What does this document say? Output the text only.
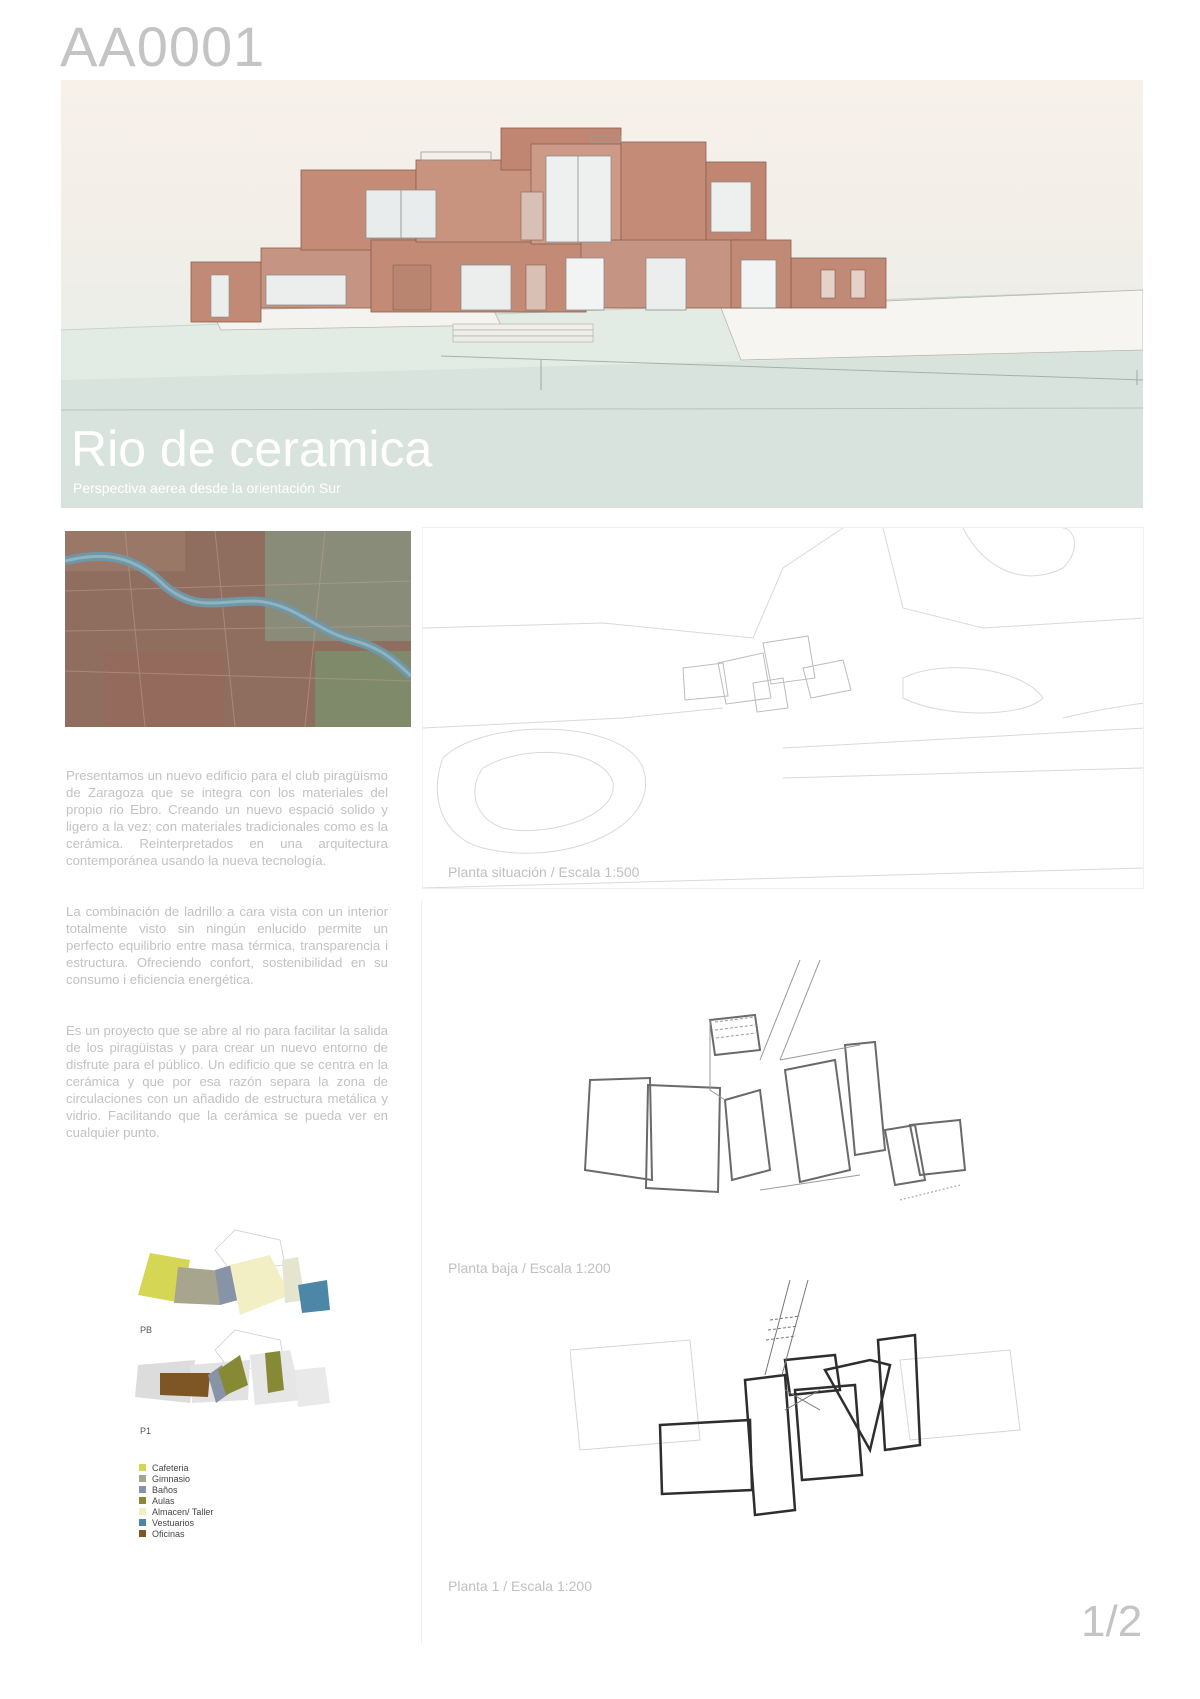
AA0001
Rio de ceramica
Perspectiva aerea desde la orientación Sur
Planta situación / Escala 1:500

Presentamos un nuevo edificio para el club piragüismo de Zaragoza que se integra con los materiales del propio rio Ebro. Creando un nuevo espació solido y ligero a la vez; con materiales tradicionales como es la cerámica. Reinterpretados en una arquitectura contemporánea usando la nueva tecnología.

La combinación de ladrillo a cara vista con un interior totalmente visto sin ningún enlucido permite un perfecto equilibrio entre masa térmica, transparencia i estructura. Ofreciendo confort, sostenibilidad en su consumo i eficiencia energética.

Es un proyecto que se abre al rio para facilitar la salida de los piragüistas y para crear un nuevo entorno de disfrute para el público. Un edificio que se centra en la cerámica y que por esa razón separa la zona de circulaciones con un añadido de estructura metálica y vidrio. Facilitando que la cerámica se pueda ver en cualquier punto.

PB
P1
Cafeteria
Gimnasio
Baños
Aulas
Almacen/ Taller
Vestuarios
Oficinas
Planta baja / Escala 1:200
Planta 1 / Escala 1:200
1/2
